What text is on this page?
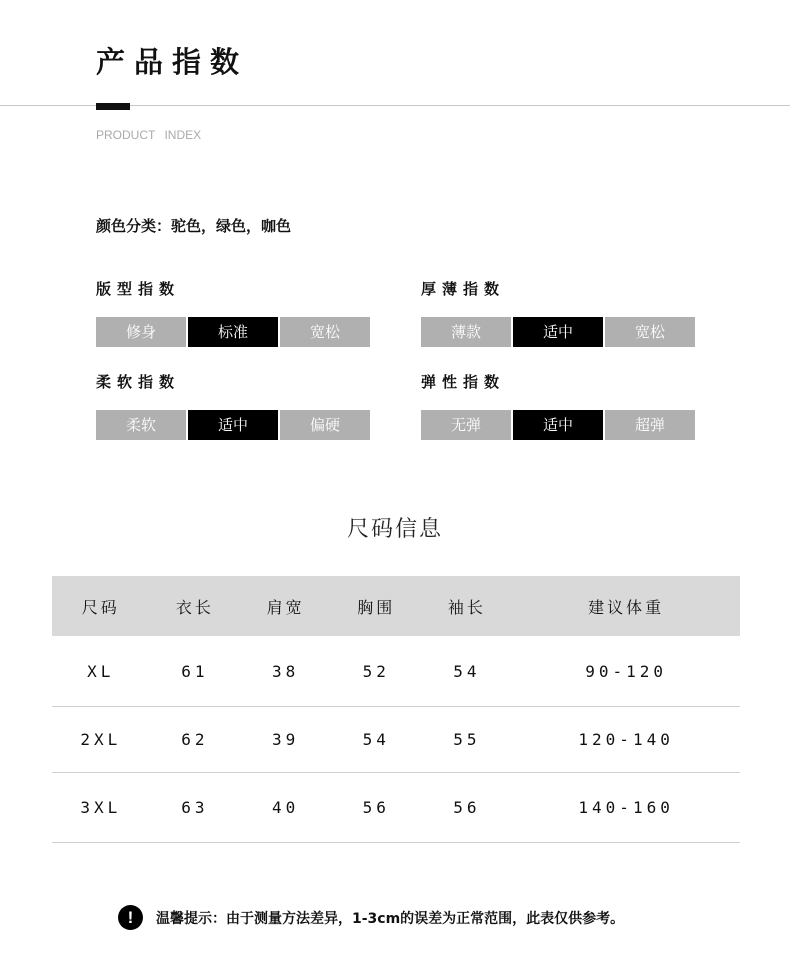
产品指数
PRODUCT INDEX
颜色分类：驼色，绿色，咖色
版型指数
修身	标准	宽松
厚薄指数
薄款	适中	宽松
柔软指数
柔软	适中	偏硬
弹性指数
无弹	适中	超弹
尺码信息
尺码	衣长	肩宽	胸围	袖长	建议体重
XL	61	38	52	54	90-120
2XL	62	39	54	55	120-140
3XL	63	40	56	56	140-160
!	温馨提示：由于测量方法差异，1-3cm的误差为正常范围，此表仅供参考。
